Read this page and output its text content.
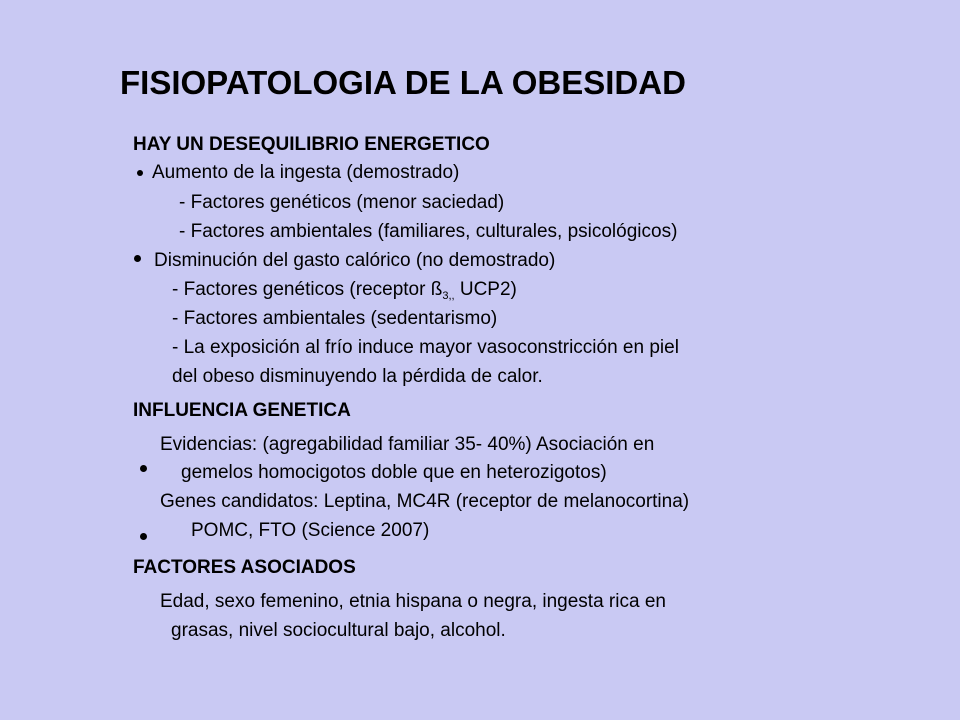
FISIOPATOLOGIA DE LA OBESIDAD
HAY UN DESEQUILIBRIO ENERGETICO
Aumento de la ingesta (demostrado)
- Factores genéticos (menor saciedad)
- Factores ambientales (familiares, culturales, psicológicos)
Disminución del gasto calórico (no demostrado)
- Factores genéticos (receptor $ß_{3,,}$ UCP2)
- Factores ambientales (sedentarismo)
- La exposición al frío induce mayor vasoconstricción en piel
del obeso disminuyendo la pérdida de calor.
INFLUENCIA GENETICA
Evidencias: (agregabilidad familiar 35- 40%) Asociación en
gemelos homocigotos doble que en heterozigotos)
Genes candidatos: Leptina, MC4R (receptor de melanocortina)
POMC, FTO (Science 2007)
FACTORES ASOCIADOS
Edad, sexo femenino, etnia hispana o negra, ingesta rica en
grasas, nivel sociocultural bajo, alcohol.
